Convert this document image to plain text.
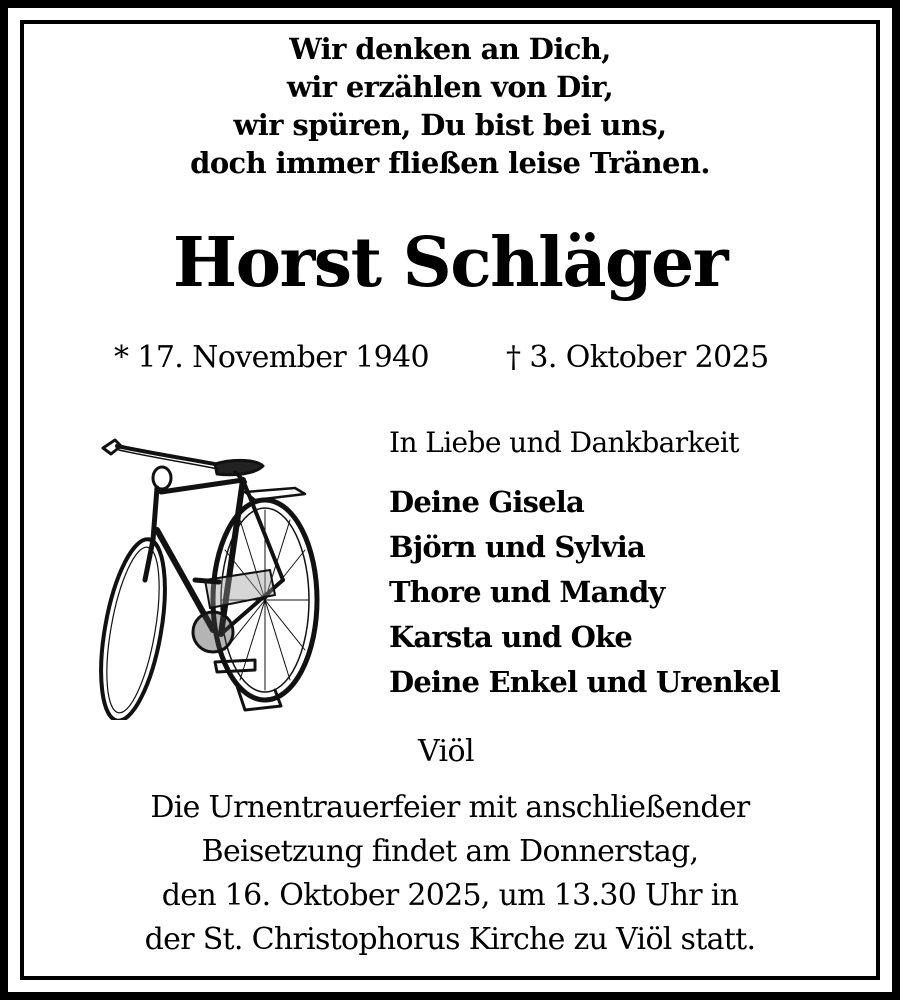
Wir denken an Dich,
wir erzählen von Dir,
wir spüren, Du bist bei uns,
doch immer fließen leise Tränen.
Horst Schläger
* 17. November 1940	† 3. Oktober 2025
In Liebe und Dankbarkeit
Deine Gisela
Björn und Sylvia
Thore und Mandy
Karsta und Oke
Deine Enkel und Urenkel
Viöl
Die Urnentrauerfeier mit anschließender
Beisetzung findet am Donnerstag,
den 16. Oktober 2025, um 13.30 Uhr in
der St. Christophorus Kirche zu Viöl statt.
